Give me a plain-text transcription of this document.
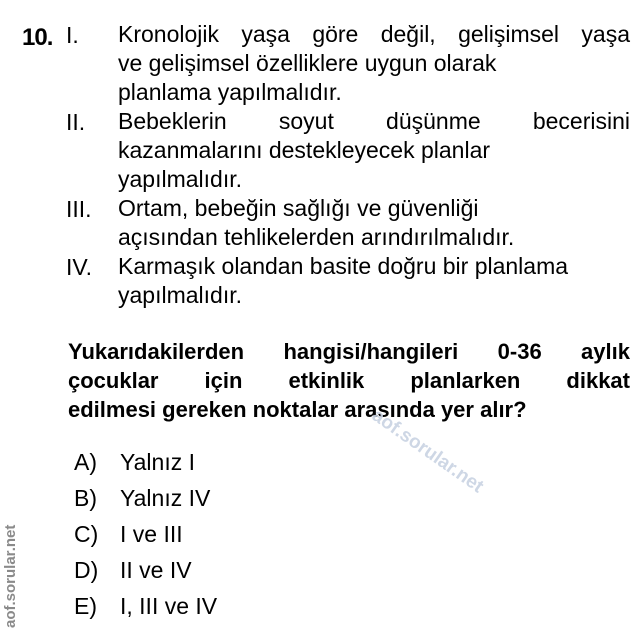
10. I. Kronolojik yaşa göre değil, gelişimsel yaşa
ve gelişimsel özelliklere uygun olarak
planlama yapılmalıdır.
II. Bebeklerin soyut düşünme becerisini
kazanmalarını destekleyecek planlar
yapılmalıdır.
III. Ortam, bebeğin sağlığı ve güvenliği
açısından tehlikelerden arındırılmalıdır.
IV. Karmaşık olandan basite doğru bir planlama
yapılmalıdır.
Yukarıdakilerden hangisi/hangileri 0-36 aylık
çocuklar için etkinlik planlarken dikkat
edilmesi gereken noktalar arasında yer alır?
A) Yalnız I
B) Yalnız IV
C) I ve III
D) II ve IV
E) I, III ve IV
aof.sorular.net
aof.sorular.net
